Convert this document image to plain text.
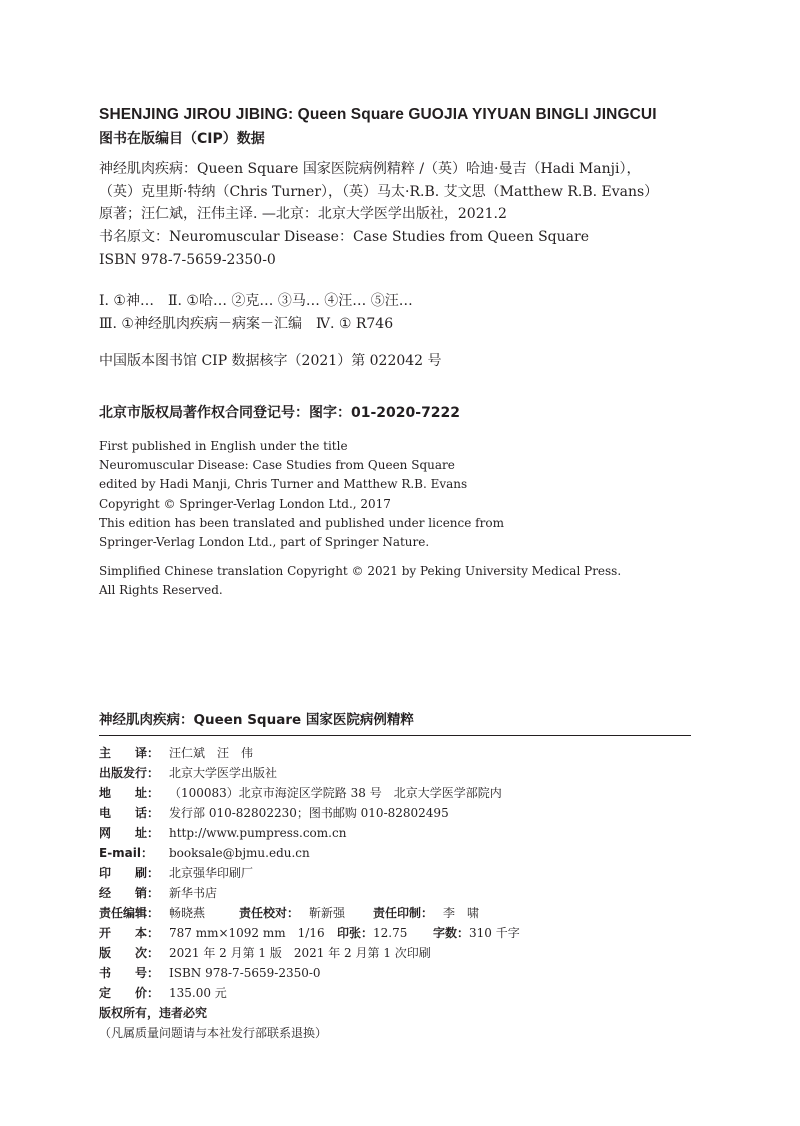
SHENJING JIROU JIBING: Queen Square GUOJIA YIYUAN BINGLI JINGCUI
图书在版编目（CIP）数据
神经肌肉疾病：Queen Square 国家医院病例精粹 /（英）哈迪·曼吉（Hadi Manji），
（英）克里斯·特纳（Chris Turner），（英）马太·R.B. 艾文思（Matthew R.B. Evans）
原著；汪仁斌，汪伟主译. —北京：北京大学医学出版社，2021.2
书名原文：Neuromuscular Disease：Case Studies from Queen Square
ISBN 978-7-5659-2350-0
Ⅰ. ①神…　Ⅱ. ①哈… ②克… ③马… ④汪… ⑤汪…
Ⅲ. ①神经肌肉疾病－病案－汇编　Ⅳ. ① R746
中国版本图书馆 CIP 数据核字（2021）第 022042 号
北京市版权局著作权合同登记号：图字：01-2020-7222
First published in English under the title
Neuromuscular Disease: Case Studies from Queen Square
edited by Hadi Manji, Chris Turner and Matthew R.B. Evans
Copyright © Springer-Verlag London Ltd., 2017
This edition has been translated and published under licence from
Springer-Verlag London Ltd., part of Springer Nature.
Simplified Chinese translation Copyright © 2021 by Peking University Medical Press.
All Rights Reserved.
神经肌肉疾病：Queen Square 国家医院病例精粹
主　　译： 汪仁斌　汪　伟
出版发行： 北京大学医学出版社
地　　址： （100083）北京市海淀区学院路 38 号　北京大学医学部院内
电　　话： 发行部 010-82802230；图书邮购 010-82802495
网　　址： http://www.pumpress.com.cn
E-mail：	booksale@bjmu.edu.cn
印　　刷： 北京强华印刷厂
经　　销： 新华书店
责任编辑： 畅晓燕	责任校对： 靳新强	责任印制： 李　啸
开　　本： 787 mm×1092 mm　1/16	印张： 12.75	字数： 310 千字
版　　次： 2021 年 2 月第 1 版　2021 年 2 月第 1 次印刷
书　　号： ISBN 978-7-5659-2350-0
定　　价： 135.00 元
版权所有，违者必究
（凡属质量问题请与本社发行部联系退换）
